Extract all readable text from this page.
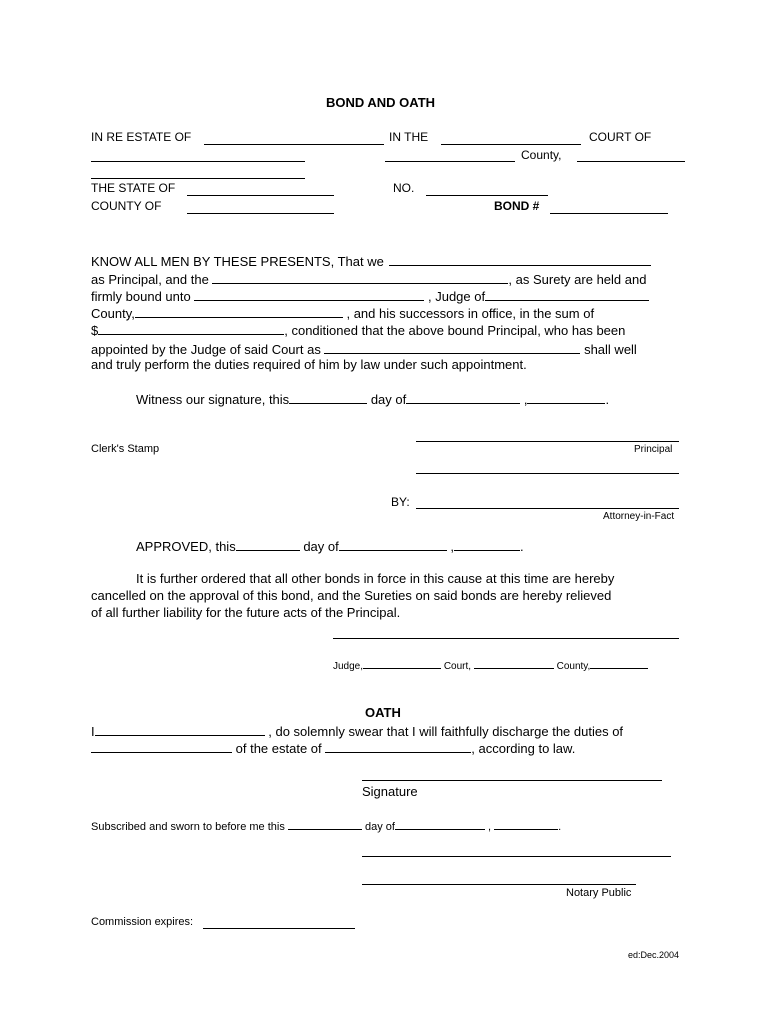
BOND AND OATH
IN RE ESTATE OF	IN THE	COURT OF
County,
THE STATE OF	NO.
COUNTY OF	BOND #
KNOW ALL MEN BY THESE PRESENTS, That we
as Principal, and the	, as Surety are held and
firmly bound unto	, Judge of
County,	, and his successors in office, in the sum of
$	, conditioned that the above bound Principal, who has been
appointed by the Judge of said Court as	shall well
and truly perform the duties required of him by law under such appointment.
Witness our signature, this	day of	,	.
Clerk's Stamp	Principal
BY:
Attorney-in-Fact
APPROVED, this	day of	,	.
It is further ordered that all other bonds in force in this cause at this time are hereby
cancelled on the approval of this bond, and the Sureties on said bonds are hereby relieved
of all further liability for the future acts of the Principal.
Judge,	Court,	County,
OATH
I	, do solemnly swear that I will faithfully discharge the duties of
of the estate of	, according to law.
Signature
Subscribed and sworn to before me this	day of	,	.
Notary Public
Commission expires:
ed:Dec.2004
